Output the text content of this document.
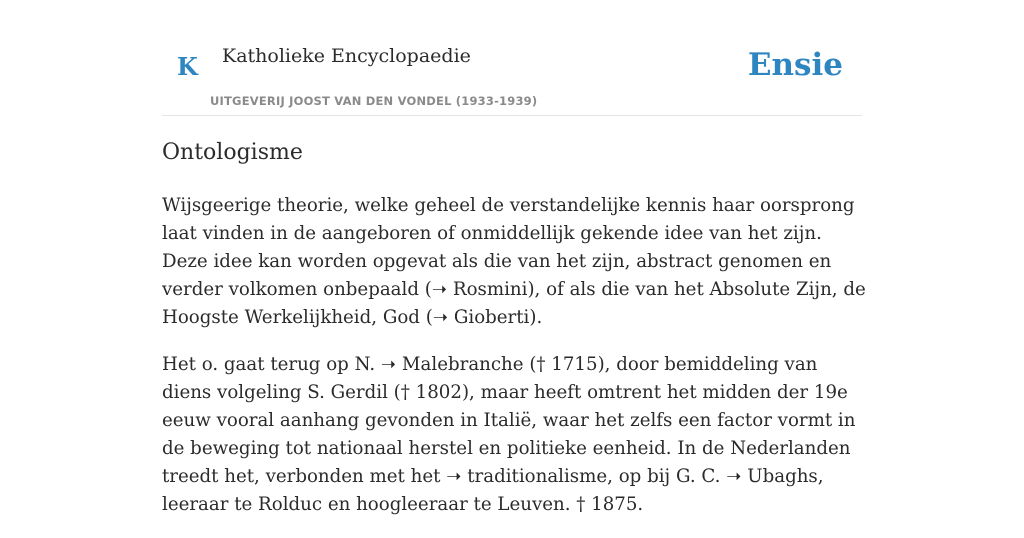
K Katholieke Encyclopaedie
UITGEVERIJ JOOST VAN DEN VONDEL (1933-1939)
Ensie
Ontologisme

Wijsgeerige theorie, welke geheel de verstandelijke kennis haar oorsprong laat vinden in de aangeboren of onmiddellijk gekende idee van het zijn. Deze idee kan worden opgevat als die van het zijn, abstract genomen en verder volkomen onbepaald (➝ Rosmini), of als die van het Absolute Zijn, de Hoogste Werkelijkheid, God (➝ Gioberti).

Het o. gaat terug op N. ➝ Malebranche († 1715), door bemiddeling van diens volgeling S. Gerdil († 1802), maar heeft omtrent het midden der 19e eeuw vooral aanhang gevonden in Italië, waar het zelfs een factor vormt in de beweging tot nationaal herstel en politieke eenheid. In de Nederlanden treedt het, verbonden met het ➝ traditionalisme, op bij G. C. ➝ Ubaghs, leeraar te Rolduc en hoogleeraar te Leuven. † 1875.
